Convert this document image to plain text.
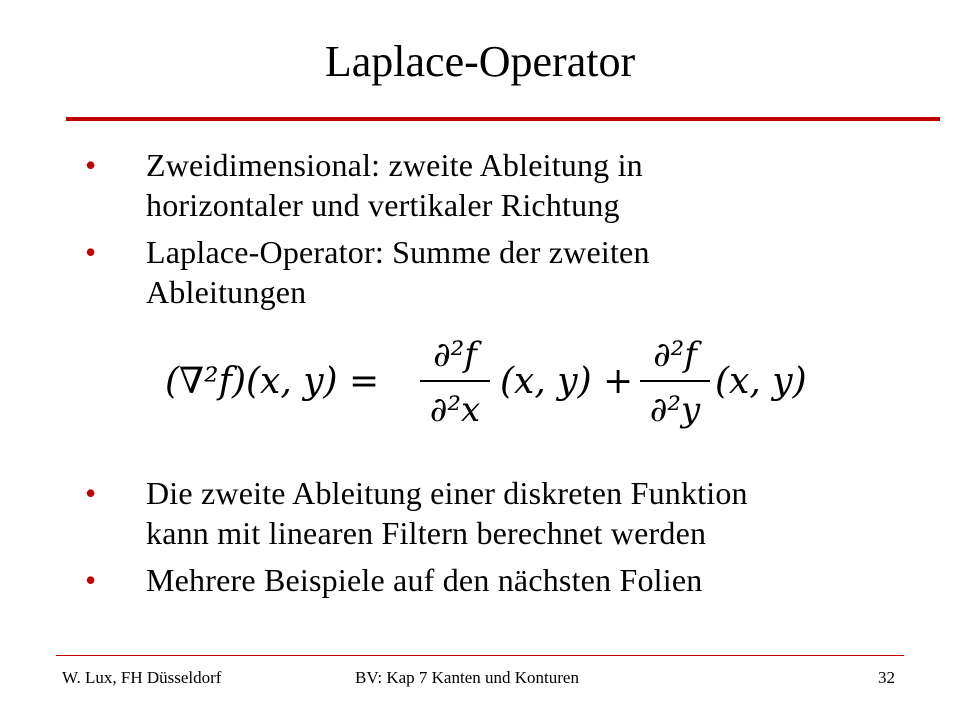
Laplace-Operator
• Zweidimensional: zweite Ableitung in
horizontaler und vertikaler Richtung
• Laplace-Operator: Summe der zweiten
Ableitungen
(∇²f)(x, y) =
∂²f
∂²x
(x, y) +
∂²f
∂²y
(x, y)
• Die zweite Ableitung einer diskreten Funktion
kann mit linearen Filtern berechnet werden
• Mehrere Beispiele auf den nächsten Folien
W. Lux, FH Düsseldorf	BV: Kap 7 Kanten und Konturen	32
